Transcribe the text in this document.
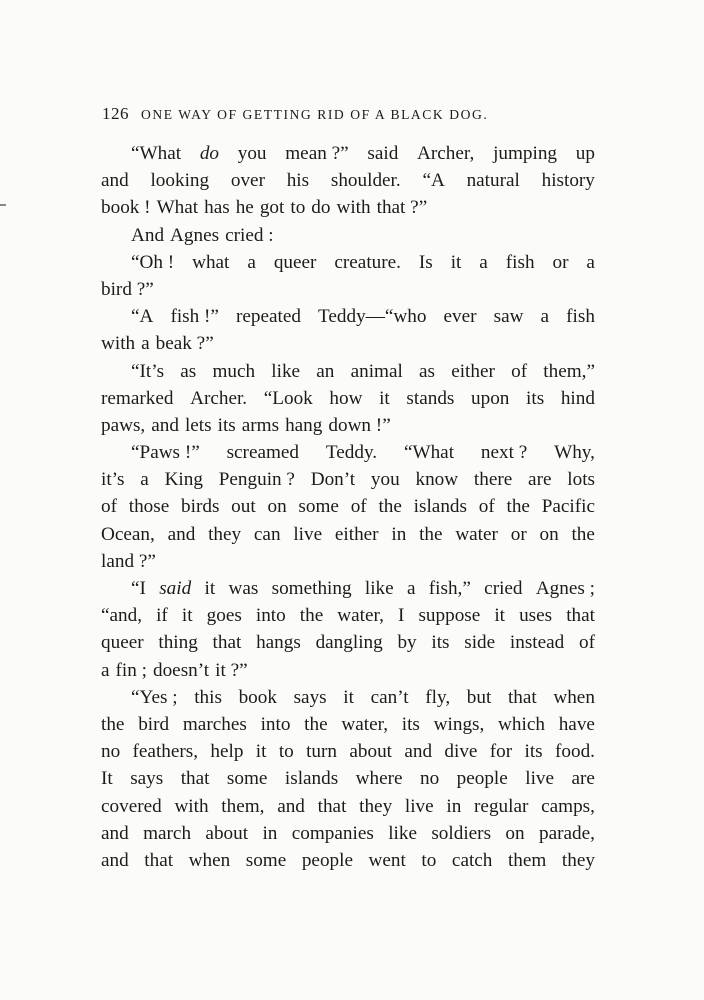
126 ONE WAY OF GETTING RID OF A BLACK DOG.
“What do you mean ?” said Archer, jumping up
and looking over his shoulder. “A natural history
book ! What has he got to do with that ?”
And Agnes cried :
“Oh ! what a queer creature. Is it a fish or a
bird ?”
“A fish !” repeated Teddy—“who ever saw a fish
with a beak ?”
“It’s as much like an animal as either of them,”
remarked Archer. “Look how it stands upon its hind
paws, and lets its arms hang down !”
“Paws !” screamed Teddy. “What next ? Why,
it’s a King Penguin ? Don’t you know there are lots
of those birds out on some of the islands of the Pacific
Ocean, and they can live either in the water or on the
land ?”
“I said it was something like a fish,” cried Agnes ;
“and, if it goes into the water, I suppose it uses that
queer thing that hangs dangling by its side instead of
a fin ; doesn’t it ?”
“Yes ; this book says it can’t fly, but that when
the bird marches into the water, its wings, which have
no feathers, help it to turn about and dive for its food.
It says that some islands where no people live are
covered with them, and that they live in regular camps,
and march about in companies like soldiers on parade,
and that when some people went to catch them they
